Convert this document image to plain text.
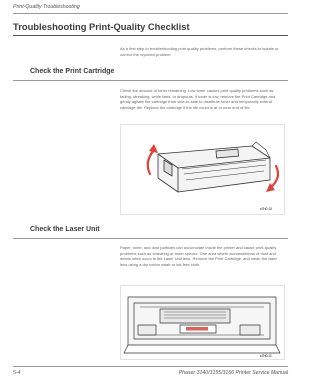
Print-Quality Troubleshooting
Troubleshooting Print-Quality Checklist
As a first step to troubleshooting print quality problems, perform these checks to isolate or correct the reported problem.
Check the Print Cartridge
Check the amount of toner remaining. Low toner causes print quality problems such as fading, streaking, white lines, or dropouts. If toner is low, remove the Print Cartridge and gently agitate the cartridge from side-to-side to distribute toner and temporarily extend cartridge life. Replace the cartridge if the life count is at or near end of life.
s7H0-10
Check the Laser Unit
Paper, toner, and dust particles can accumulate inside the printer and cause print-quality problems such as smearing or toner specks. One area where accumulations of dust and debris often occur is the Laser Unit lens. Remove the Print Cartridge, and clean the laser lens using a dry cotton swab or lint-free cloth.
s7H0-11
5-4	Phaser 3140/3155/3160 Printer Service Manual
